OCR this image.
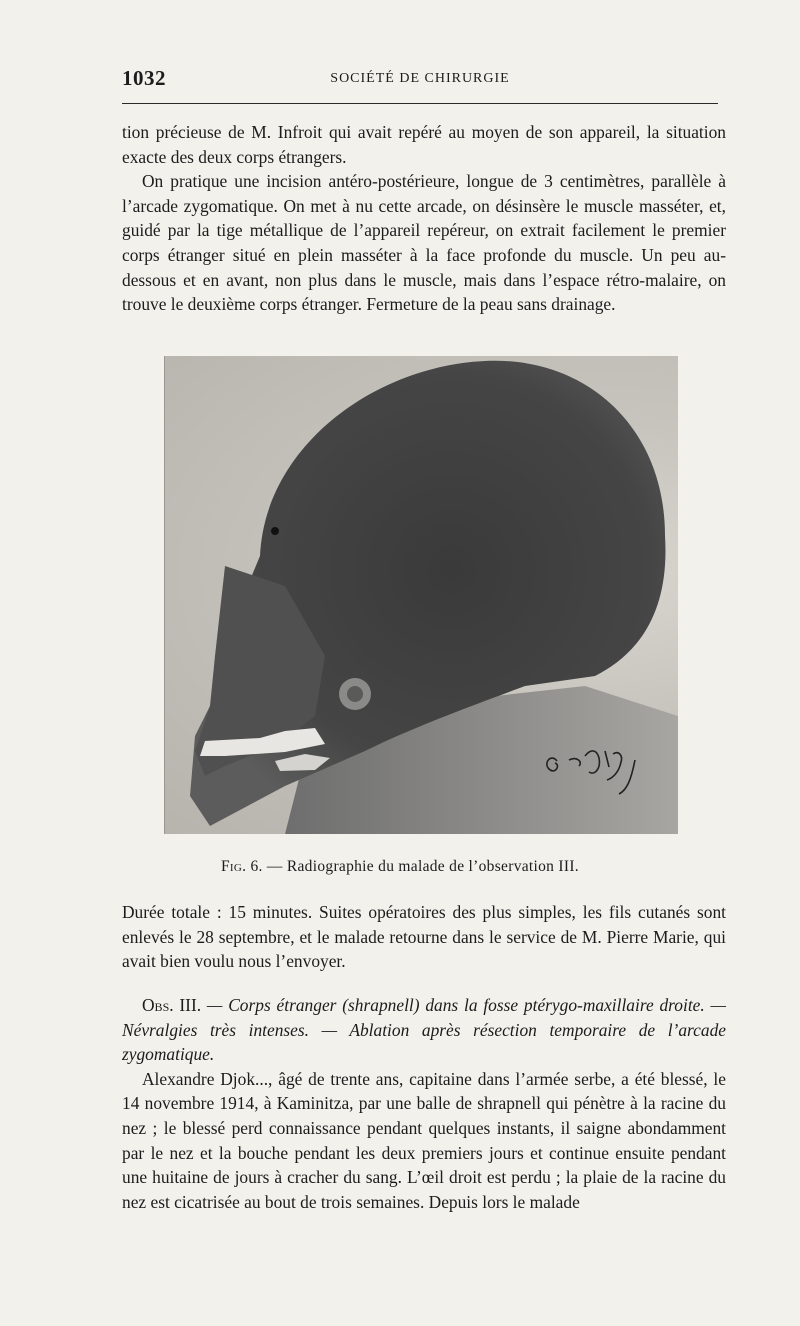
1032	SOCIÉTÉ DE CHIRURGIE

tion précieuse de M. Infroit qui avait repéré au moyen de son appareil, la situation exacte des deux corps étrangers.

On pratique une incision antéro-postérieure, longue de 3 centimètres, parallèle à l’arcade zygomatique. On met à nu cette arcade, on désinsère le muscle masséter, et, guidé par la tige métallique de l’appareil repéreur, on extrait facilement le premier corps étranger situé en plein masséter à la face profonde du muscle. Un peu au-dessous et en avant, non plus dans le muscle, mais dans l’espace rétro-malaire, on trouve le deuxième corps étranger. Fermeture de la peau sans drainage.

Fig. 6. — Radiographie du malade de l’observation III.

Durée totale : 15 minutes. Suites opératoires des plus simples, les fils cutanés sont enlevés le 28 septembre, et le malade retourne dans le service de M. Pierre Marie, qui avait bien voulu nous l’envoyer.

Obs. III. — Corps étranger (shrapnell) dans la fosse ptérygo-maxillaire droite. — Névralgies très intenses. — Ablation après résection temporaire de l’arcade zygomatique.

Alexandre Djok..., âgé de trente ans, capitaine dans l’armée serbe, a été blessé, le 14 novembre 1914, à Kaminitza, par une balle de shrapnell qui pénètre à la racine du nez ; le blessé perd connaissance pendant quelques instants, il saigne abondamment par le nez et la bouche pendant les deux premiers jours et continue ensuite pendant une huitaine de jours à cracher du sang. L’œil droit est perdu ; la plaie de la racine du nez est cicatrisée au bout de trois semaines. Depuis lors le malade
